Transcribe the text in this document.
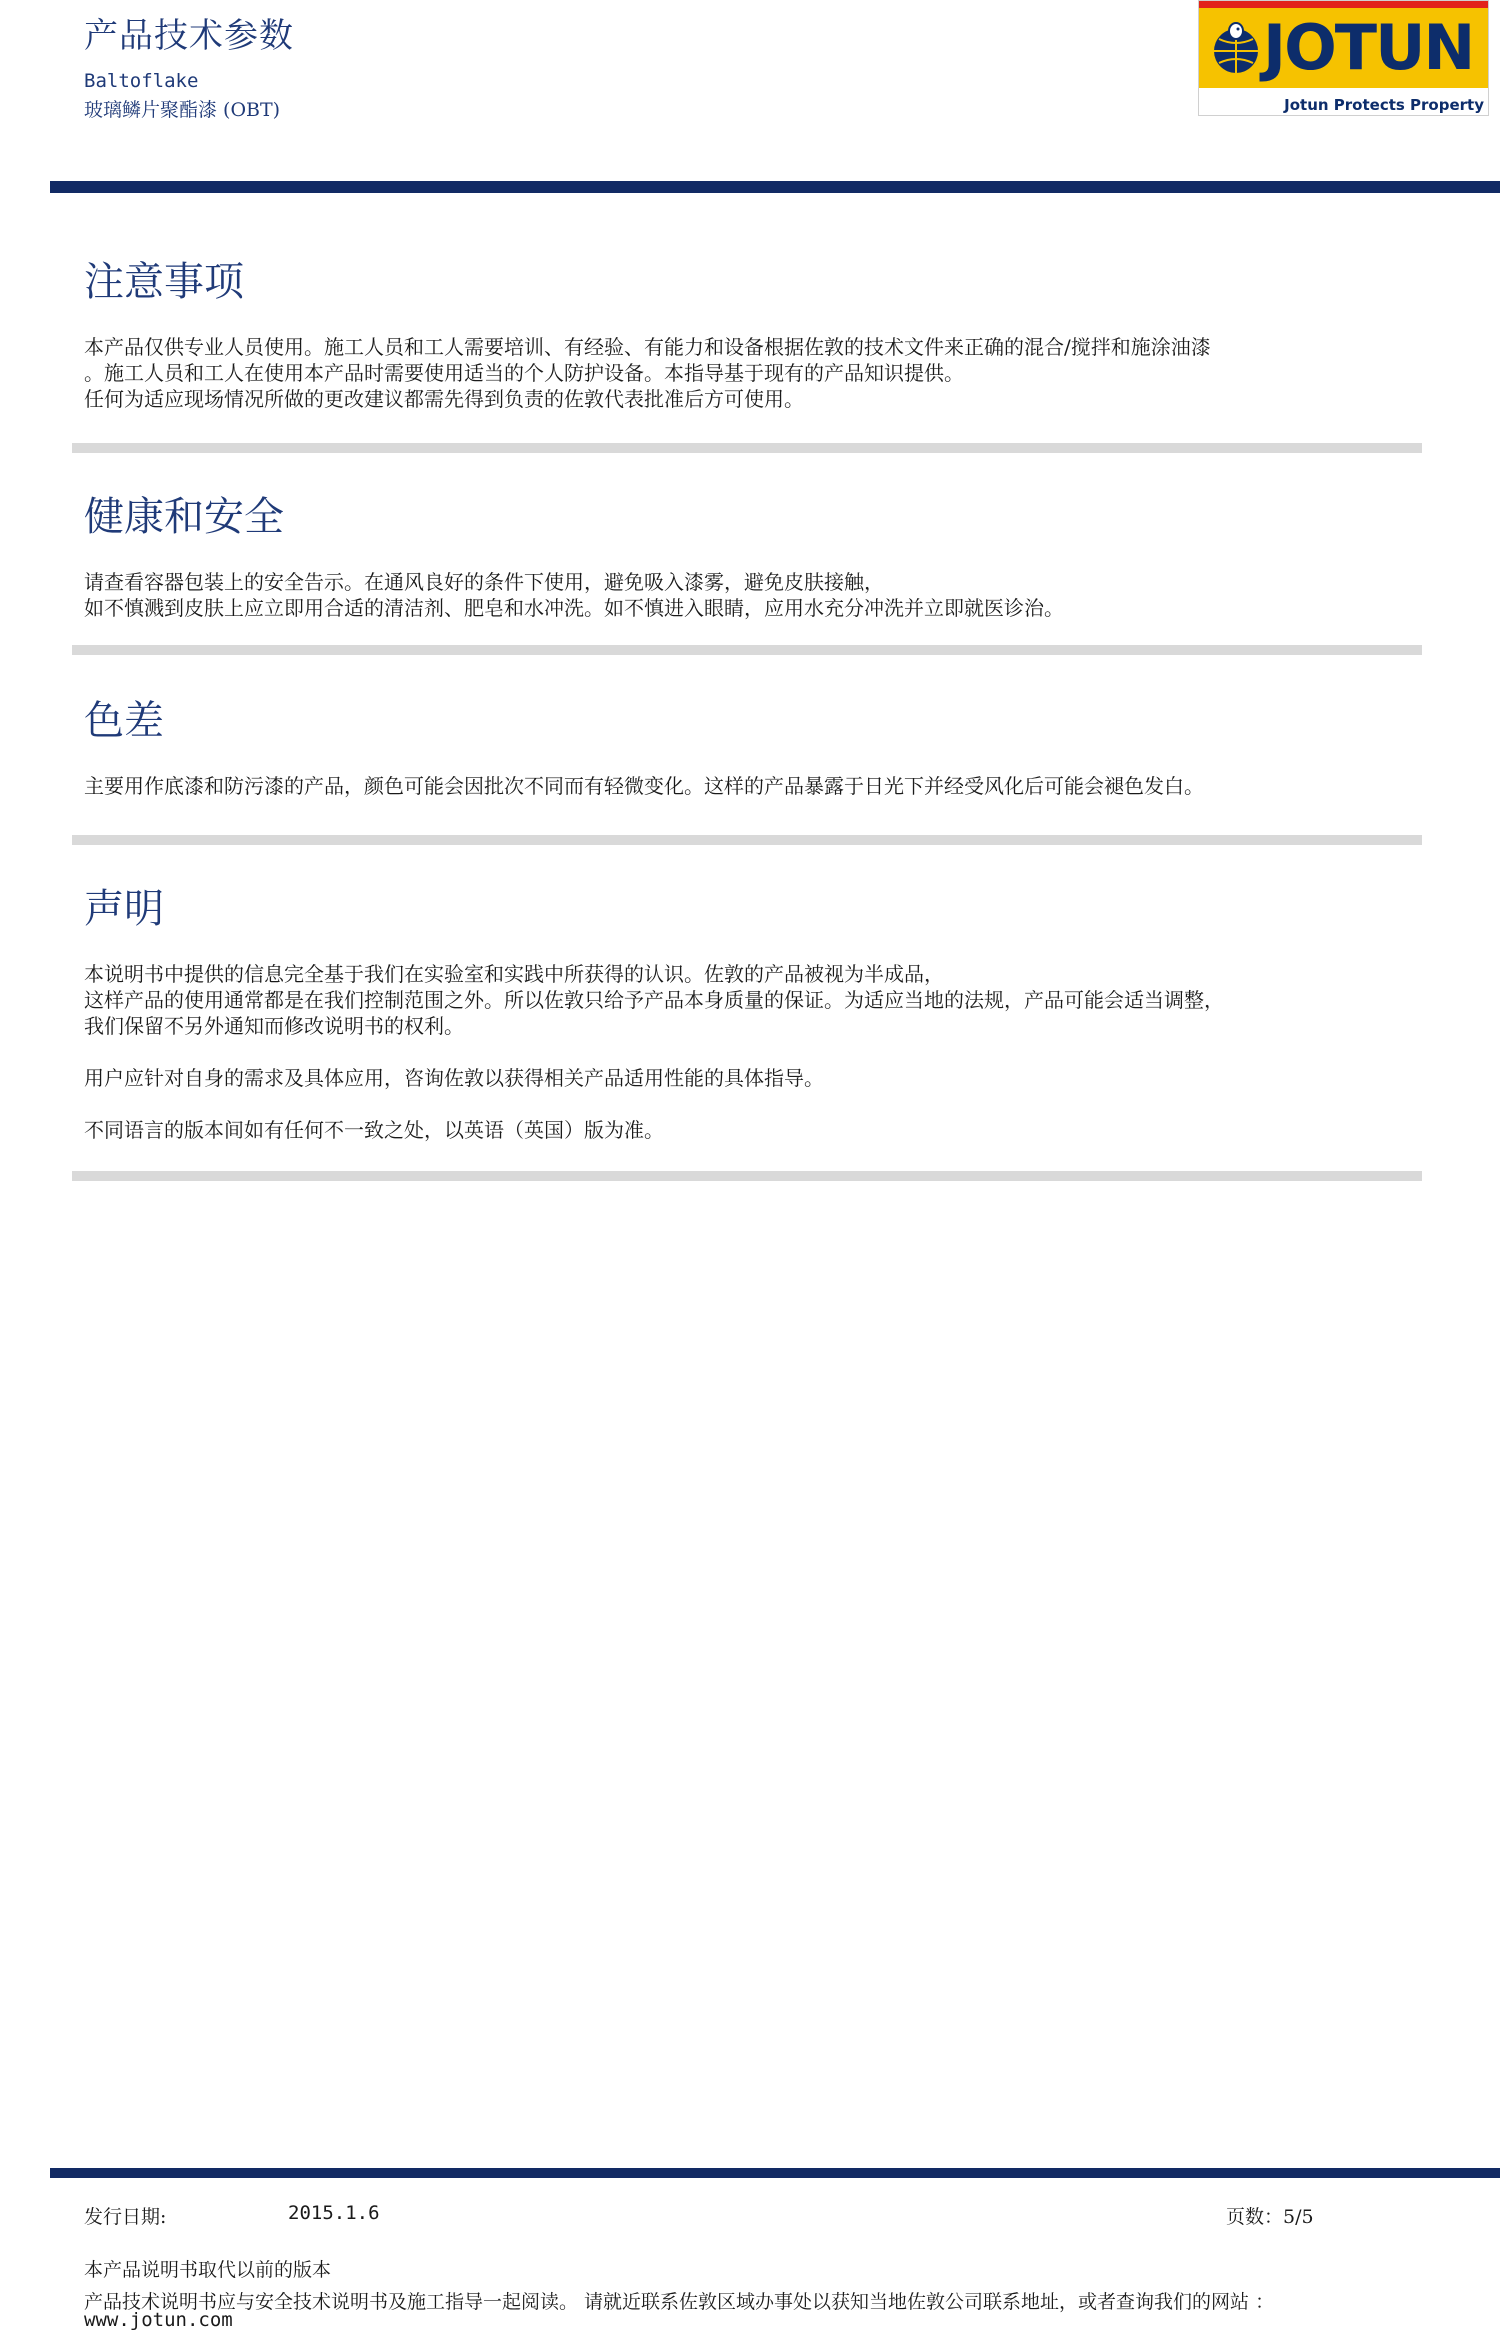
产品技术参数
Baltoflake
玻璃鳞片聚酯漆 (OBT)
JOTUN
Jotun Protects Property
注意事项

本产品仅供专业人员使用。施工人员和工人需要培训、有经验、有能力和设备根据佐敦的技术文件来正确的混合/搅拌和施涂油漆

。施工人员和工人在使用本产品时需要使用适当的个人防护设备。本指导基于现有的产品知识提供。

任何为适应现场情况所做的更改建议都需先得到负责的佐敦代表批准后方可使用。

健康和安全

请查看容器包装上的安全告示。在通风良好的条件下使用，避免吸入漆雾，避免皮肤接触，

如不慎溅到皮肤上应立即用合适的清洁剂、肥皂和水冲洗。如不慎进入眼睛，应用水充分冲洗并立即就医诊治。

色差

主要用作底漆和防污漆的产品，颜色可能会因批次不同而有轻微变化。这样的产品暴露于日光下并经受风化后可能会褪色发白。

声明

本说明书中提供的信息完全基于我们在实验室和实践中所获得的认识。佐敦的产品被视为半成品，

这样产品的使用通常都是在我们控制范围之外。所以佐敦只给予产品本身质量的保证。为适应当地的法规，产品可能会适当调整，

我们保留不另外通知而修改说明书的权利。

用户应针对自身的需求及具体应用，咨询佐敦以获得相关产品适用性能的具体指导。

不同语言的版本间如有任何不一致之处，以英语（英国）版为准。

发行日期:	2015.1.6	页数：5/5
本产品说明书取代以前的版本
产品技术说明书应与安全技术说明书及施工指导一起阅读。 请就近联系佐敦区域办事处以获知当地佐敦公司联系地址，或者查询我们的网站 ：
www.jotun.com
